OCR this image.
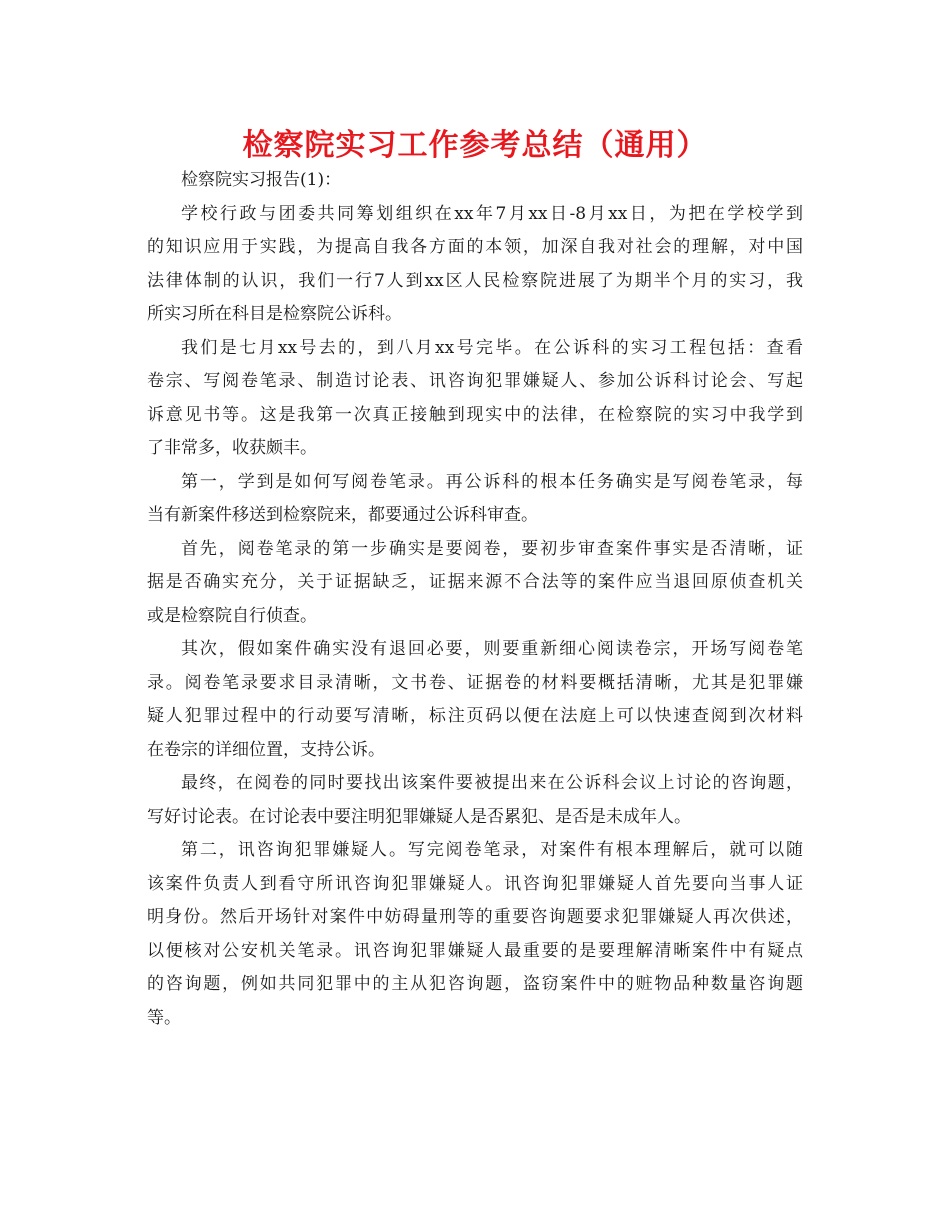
检察院实习工作参考总结（通用）
检察院实习报告(1)：
学校行政与团委共同筹划组织在xx年7月xx日-8月xx日，为把在学校学到
的知识应用于实践，为提高自我各方面的本领，加深自我对社会的理解，对中国
法律体制的认识，我们一行7人到xx区人民检察院进展了为期半个月的实习，我
所实习所在科目是检察院公诉科。
我们是七月xx号去的，到八月xx号完毕。在公诉科的实习工程包括：查看
卷宗、写阅卷笔录、制造讨论表、讯咨询犯罪嫌疑人、参加公诉科讨论会、写起
诉意见书等。这是我第一次真正接触到现实中的法律，在检察院的实习中我学到
了非常多，收获颇丰。
第一，学到是如何写阅卷笔录。再公诉科的根本任务确实是写阅卷笔录，每
当有新案件移送到检察院来，都要通过公诉科审查。
首先，阅卷笔录的第一步确实是要阅卷，要初步审查案件事实是否清晰，证
据是否确实充分，关于证据缺乏，证据来源不合法等的案件应当退回原侦查机关
或是检察院自行侦查。
其次，假如案件确实没有退回必要，则要重新细心阅读卷宗，开场写阅卷笔
录。阅卷笔录要求目录清晰，文书卷、证据卷的材料要概括清晰，尤其是犯罪嫌
疑人犯罪过程中的行动要写清晰，标注页码以便在法庭上可以快速查阅到次材料
在卷宗的详细位置，支持公诉。
最终，在阅卷的同时要找出该案件要被提出来在公诉科会议上讨论的咨询题，
写好讨论表。在讨论表中要注明犯罪嫌疑人是否累犯、是否是未成年人。
第二，讯咨询犯罪嫌疑人。写完阅卷笔录，对案件有根本理解后，就可以随
该案件负责人到看守所讯咨询犯罪嫌疑人。讯咨询犯罪嫌疑人首先要向当事人证
明身份。然后开场针对案件中妨碍量刑等的重要咨询题要求犯罪嫌疑人再次供述，
以便核对公安机关笔录。讯咨询犯罪嫌疑人最重要的是要理解清晰案件中有疑点
的咨询题，例如共同犯罪中的主从犯咨询题，盗窃案件中的赃物品种数量咨询题
等。
